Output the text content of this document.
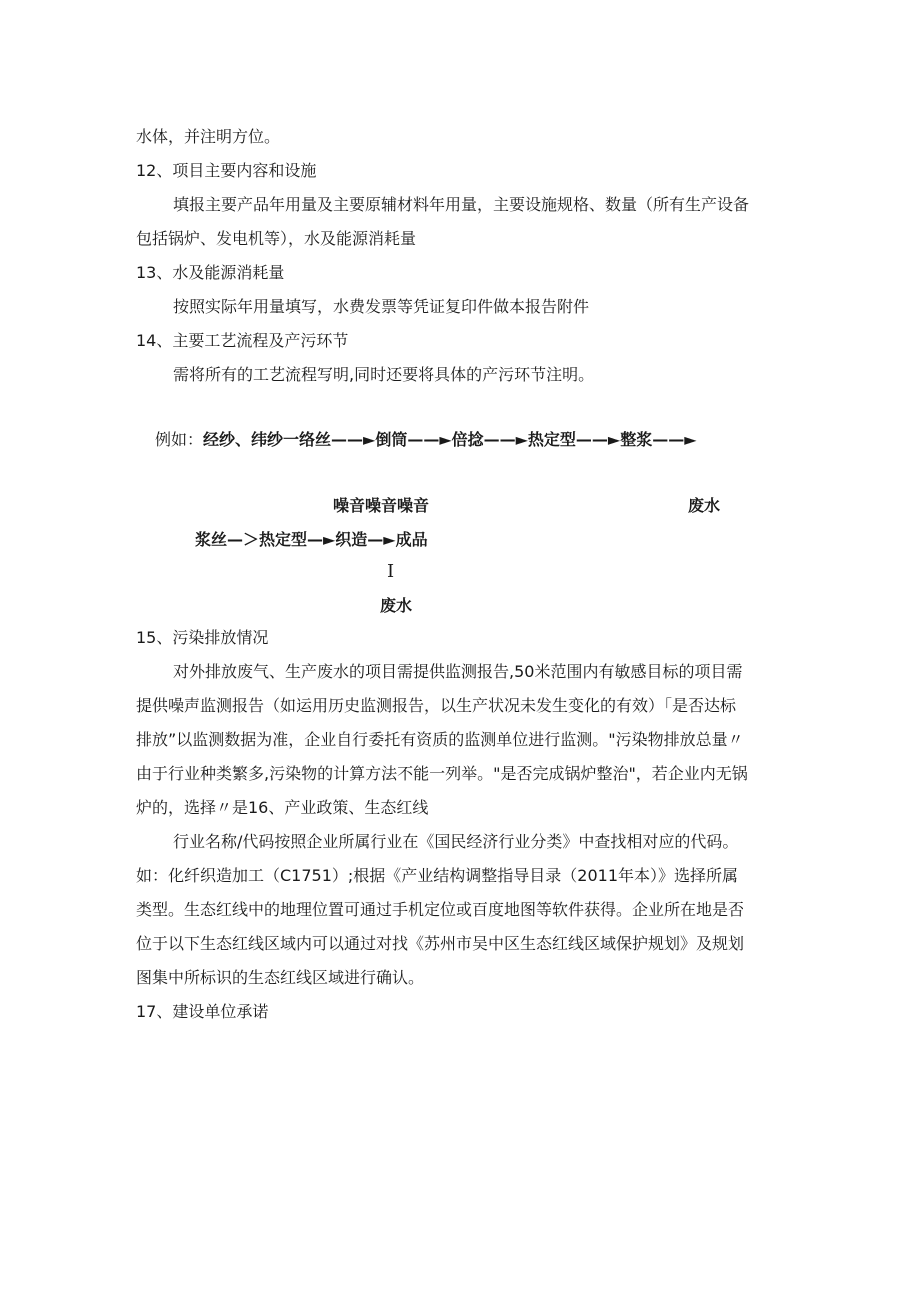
水体，并注明方位。
12、项目主要内容和设施
填报主要产品年用量及主要原辅材料年用量，主要设施规格、数量（所有生产设备
包括锅炉、发电机等），水及能源消耗量
13、水及能源消耗量
按照实际年用量填写，水费发票等凭证复印件做本报告附件
14、主要工艺流程及产污环节
需将所有的工艺流程写明,同时还要将具体的产污环节注明。
例如：经纱、纬纱一络丝——►倒筒——►倍捻——►热定型——►整浆——►
噪音噪音噪音	废水
浆丝—＞热定型—►织造—►成品
I
废水
15、污染排放情况
对外排放废气、生产废水的项目需提供监测报告,50米范围内有敏感目标的项目需
提供噪声监测报告（如运用历史监测报告，以生产状况未发生变化的有效）「是否达标
排放”以监测数据为准，企业自行委托有资质的监测单位进行监测。"污染物排放总量〃
由于行业种类繁多,污染物的计算方法不能一列举。"是否完成锅炉整治"，若企业内无锅
炉的，选择〃是16、产业政策、生态红线
行业名称/代码按照企业所属行业在《国民经济行业分类》中查找相对应的代码。
如：化纤织造加工（C1751）;根据《产业结构调整指导目录（2011年本）》选择所属
类型。生态红线中的地理位置可通过手机定位或百度地图等软件获得。企业所在地是否
位于以下生态红线区域内可以通过对找《苏州市吴中区生态红线区域保护规划》及规划
图集中所标识的生态红线区域进行确认。
17、建设单位承诺
